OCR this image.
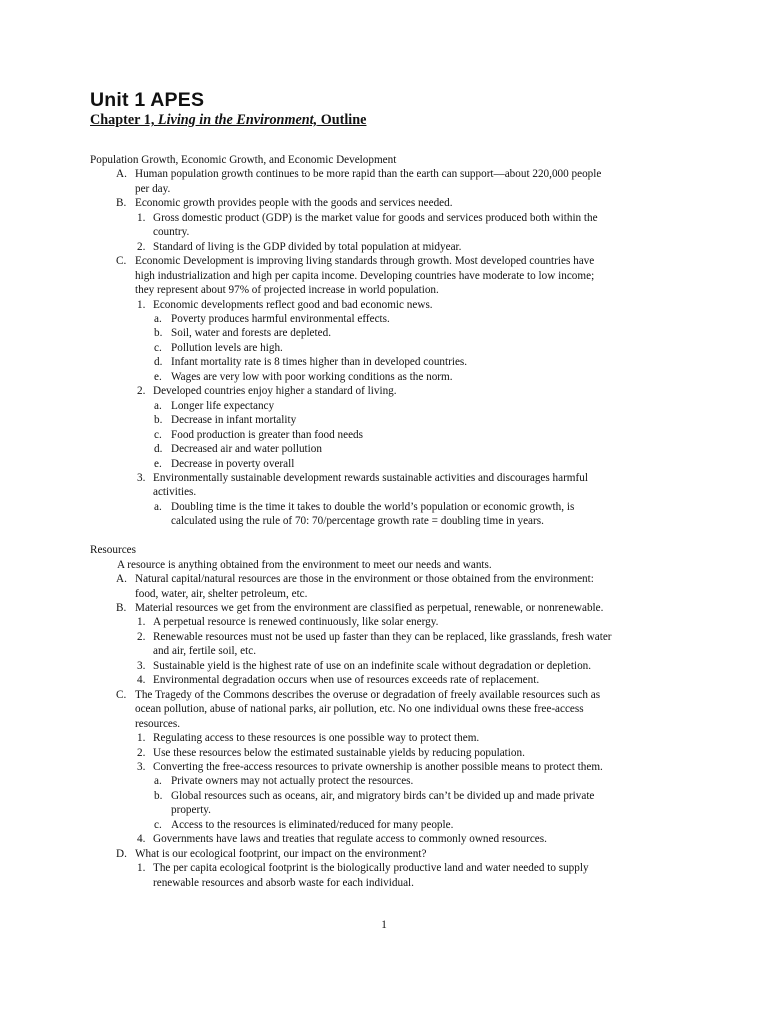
Unit 1 APES
Chapter 1, Living in the Environment, Outline
Population Growth, Economic Growth, and Economic Development
A. Human population growth continues to be more rapid than the earth can support—about 220,000 people
per day.
B. Economic growth provides people with the goods and services needed.
1. Gross domestic product (GDP) is the market value for goods and services produced both within the
country.
2. Standard of living is the GDP divided by total population at midyear.
C. Economic Development is improving living standards through growth. Most developed countries have
high industrialization and high per capita income. Developing countries have moderate to low income;
they represent about 97% of projected increase in world population.
1. Economic developments reflect good and bad economic news.
a. Poverty produces harmful environmental effects.
b. Soil, water and forests are depleted.
c. Pollution levels are high.
d. Infant mortality rate is 8 times higher than in developed countries.
e. Wages are very low with poor working conditions as the norm.
2. Developed countries enjoy higher a standard of living.
a. Longer life expectancy
b. Decrease in infant mortality
c. Food production is greater than food needs
d. Decreased air and water pollution
e. Decrease in poverty overall
3. Environmentally sustainable development rewards sustainable activities and discourages harmful
activities.
a. Doubling time is the time it takes to double the world’s population or economic growth, is
calculated using the rule of 70: 70/percentage growth rate = doubling time in years.
Resources
A resource is anything obtained from the environment to meet our needs and wants.
A. Natural capital/natural resources are those in the environment or those obtained from the environment:
food, water, air, shelter petroleum, etc.
B. Material resources we get from the environment are classified as perpetual, renewable, or nonrenewable.
1. A perpetual resource is renewed continuously, like solar energy.
2. Renewable resources must not be used up faster than they can be replaced, like grasslands, fresh water
and air, fertile soil, etc.
3. Sustainable yield is the highest rate of use on an indefinite scale without degradation or depletion.
4. Environmental degradation occurs when use of resources exceeds rate of replacement.
C. The Tragedy of the Commons describes the overuse or degradation of freely available resources such as
ocean pollution, abuse of national parks, air pollution, etc. No one individual owns these free-access
resources.
1. Regulating access to these resources is one possible way to protect them.
2. Use these resources below the estimated sustainable yields by reducing population.
3. Converting the free-access resources to private ownership is another possible means to protect them.
a. Private owners may not actually protect the resources.
b. Global resources such as oceans, air, and migratory birds can’t be divided up and made private
property.
c. Access to the resources is eliminated/reduced for many people.
4. Governments have laws and treaties that regulate access to commonly owned resources.
D. What is our ecological footprint, our impact on the environment?
1. The per capita ecological footprint is the biologically productive land and water needed to supply
renewable resources and absorb waste for each individual.
1
